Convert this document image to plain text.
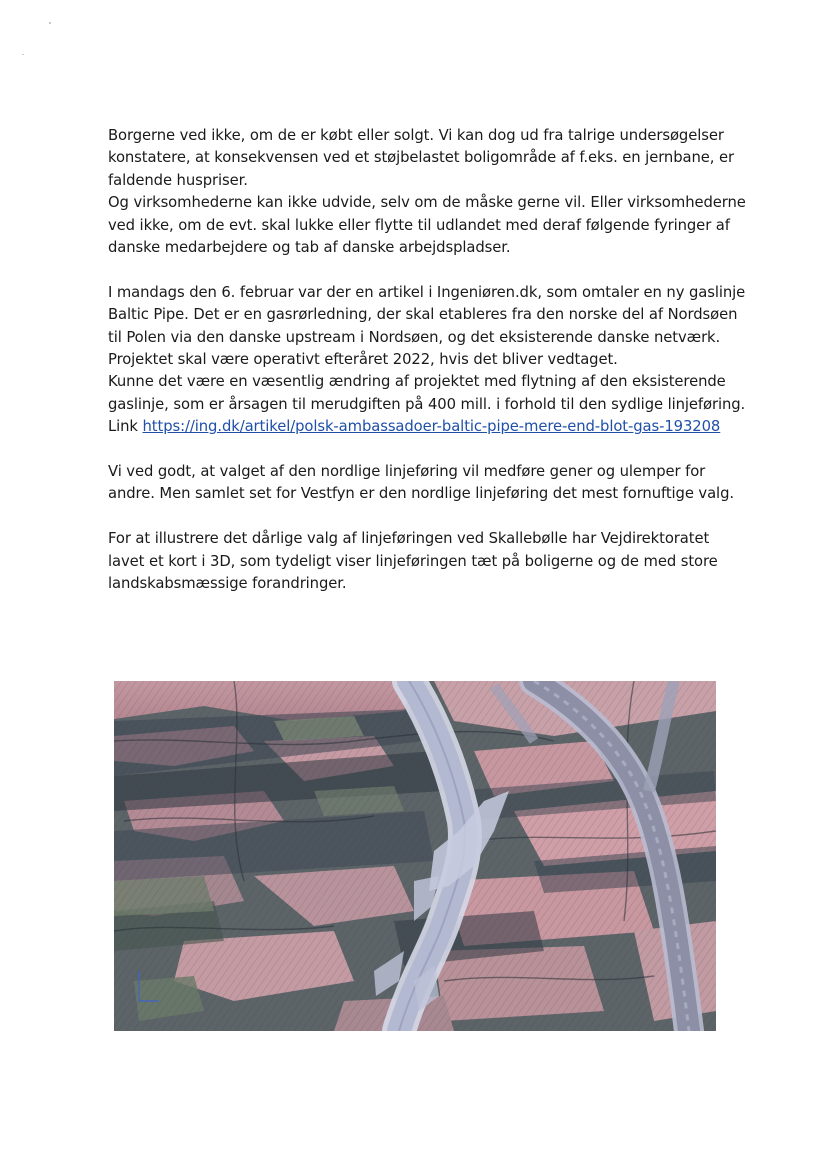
Borgerne ved ikke, om de er købt eller solgt. Vi kan dog ud fra talrige undersøgelser
konstatere, at konsekvensen ved et støjbelastet boligområde af f.eks. en jernbane, er
faldende huspriser.
Og virksomhederne kan ikke udvide, selv om de måske gerne vil. Eller virksomhederne
ved ikke, om de evt. skal lukke eller flytte til udlandet med deraf følgende fyringer af
danske medarbejdere og tab af danske arbejdspladser.

I mandags den 6. februar var der en artikel i Ingeniøren.dk, som omtaler en ny gaslinje
Baltic Pipe. Det er en gasrørledning, der skal etableres fra den norske del af Nordsøen
til Polen via den danske upstream i Nordsøen, og det eksisterende danske netværk.
Projektet skal være operativt efteråret 2022, hvis det bliver vedtaget.
Kunne det være en væsentlig ændring af projektet med flytning af den eksisterende
gaslinje, som er årsagen til merudgiften på 400 mill. i forhold til den sydlige linjeføring.
Link https://ing.dk/artikel/polsk-ambassadoer-baltic-pipe-mere-end-blot-gas-193208

Vi ved godt, at valget af den nordlige linjeføring vil medføre gener og ulemper for
andre. Men samlet set for Vestfyn er den nordlige linjeføring det mest fornuftige valg.

For at illustrere det dårlige valg af linjeføringen ved Skallebølle har Vejdirektoratet
lavet et kort i 3D, som tydeligt viser linjeføringen tæt på boligerne og de med store
landskabsmæssige forandringer.
